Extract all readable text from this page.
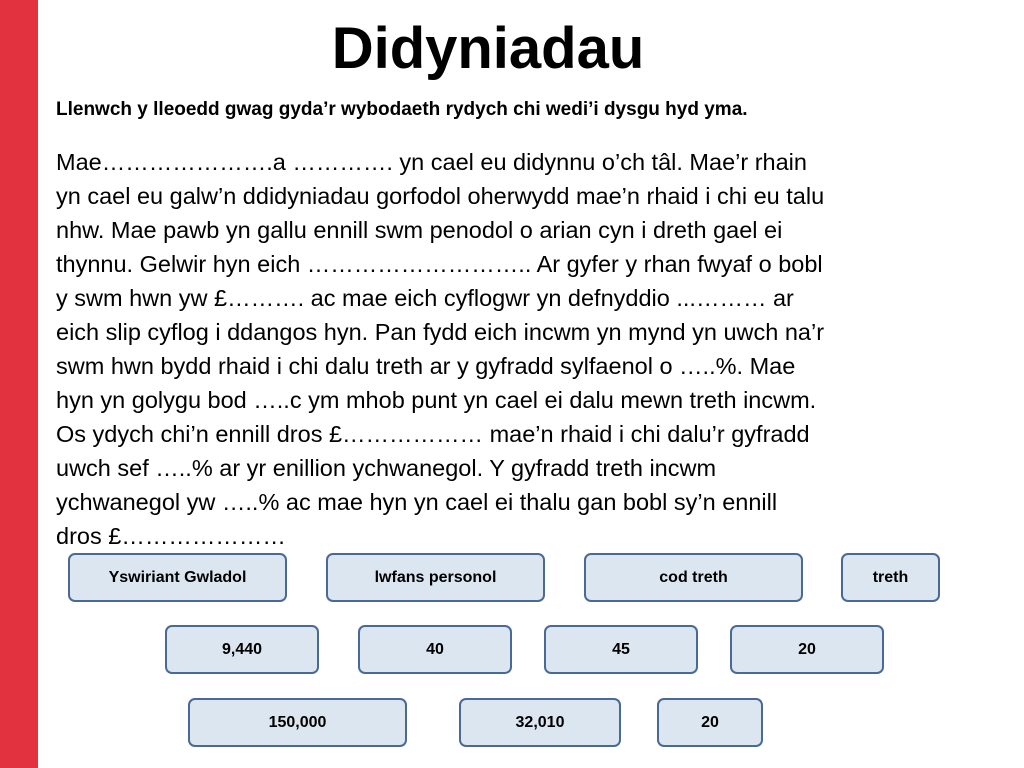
Didyniadau

Llenwch y lleoedd gwag gyda’r wybodaeth rydych chi wedi’i dysgu hyd yma.

Mae………………….a …………. yn cael eu didynnu o’ch tâl. Mae’r rhain
yn cael eu galw’n ddidyniadau gorfodol oherwydd mae’n rhaid i chi eu talu
nhw. Mae pawb yn gallu ennill swm penodol o arian cyn i dreth gael ei
thynnu. Gelwir hyn eich ……………………….. Ar gyfer y rhan fwyaf o bobl
y swm hwn yw £………. ac mae eich cyflogwr yn defnyddio ...……… ar
eich slip cyflog i ddangos hyn. Pan fydd eich incwm yn mynd yn uwch na’r
swm hwn bydd rhaid i chi dalu treth ar y gyfradd sylfaenol o …..%. Mae
hyn yn golygu bod …..c ym mhob punt yn cael ei dalu mewn treth incwm.
Os ydych chi’n ennill dros £……………… mae’n rhaid i chi dalu’r gyfradd
uwch sef …..% ar yr enillion ychwanegol. Y gyfradd treth incwm
ychwanegol yw …..% ac mae hyn yn cael ei thalu gan bobl sy’n ennill
dros £…………………

Yswiriant Gwladol	lwfans personol	cod treth	treth
9,440	40	45	20
150,000	32,010	20
